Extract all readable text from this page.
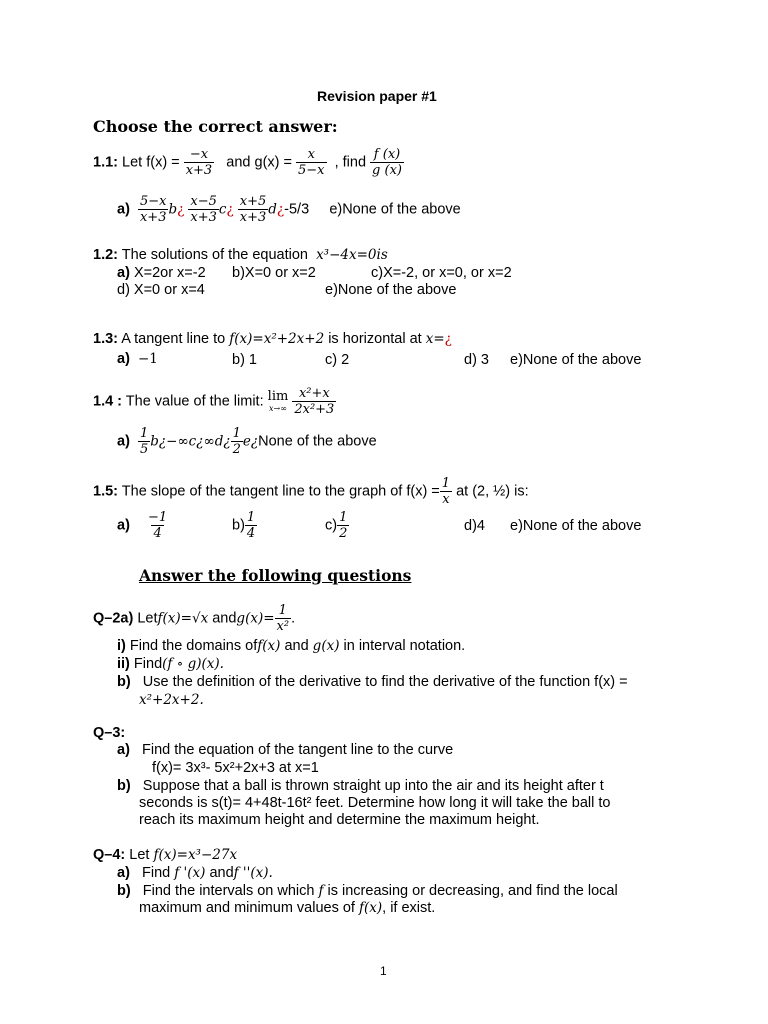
Revision paper #1
Choose the correct answer:
1.1: Let $f(x) = \frac{-x}{x+3}$ and $g(x) = \frac{x}{5-x}$ , find $\frac{f (x)}{g (x)}$
$a) \frac{5-x}{x+3}$ b¿ $\frac{x-5}{x+3}$ c¿ $\frac{x+5}{x+3}$ d¿-5/3 e)None of the above
1.2: The solutions of the equation x³−4x=0is
a) X=2or x=-2 b)X=0 or x=2	c)X=-2, or x=0, or x=2
d) X=0 or x=4	e)None of the above
1.3: A tangent line to f(x)=x²+2x+2 is horizontal at x=¿
a) −1	b) 1	c) 2	d) 3 e)None of the above
1.4 : The value of the limit: lim
x→∞
$\frac{\text{x²+x}}{\text{2x²+3}}$
$a) \frac{1}{5}$ b¿−∞c¿∞d¿ $\frac{1}{2}$ e¿None of the above
1.5: The slope of the tangent line to the graph of $f(x) = \frac{1}{x}$ at (2, ½) is:
$a) \frac{-1}{4}$	$b) \frac{1}{4}$	$c) \frac{1}{2}$	d)4 e)None of the above
Answer the following questions
Q–2a) Letf(x)=√x andg(x)= $\frac{1}{\text{x²}}$ .
i) Find the domains off(x) and g(x) in interval notation.
ii) Find(f ∘ g)(x).
b) Use the definition of the derivative to find the derivative of the function f(x) =
x²+2x+2.
Q–3:
a) Find the equation of the tangent line to the curve
f(x)= 3x³- 5x²+2x+3 at x=1
b) Suppose that a ball is thrown straight up into the air and its height after t
seconds is s(t)= 4+48t-16t² feet. Determine how long it will take the ball to
reach its maximum height and determine the maximum height.
Q–4: Let f(x)=x³−27x
a) Find f '(x) andf ''(x).
b) Find the intervals on which f is increasing or decreasing, and find the local
maximum and minimum values of f(x), if exist.
1
